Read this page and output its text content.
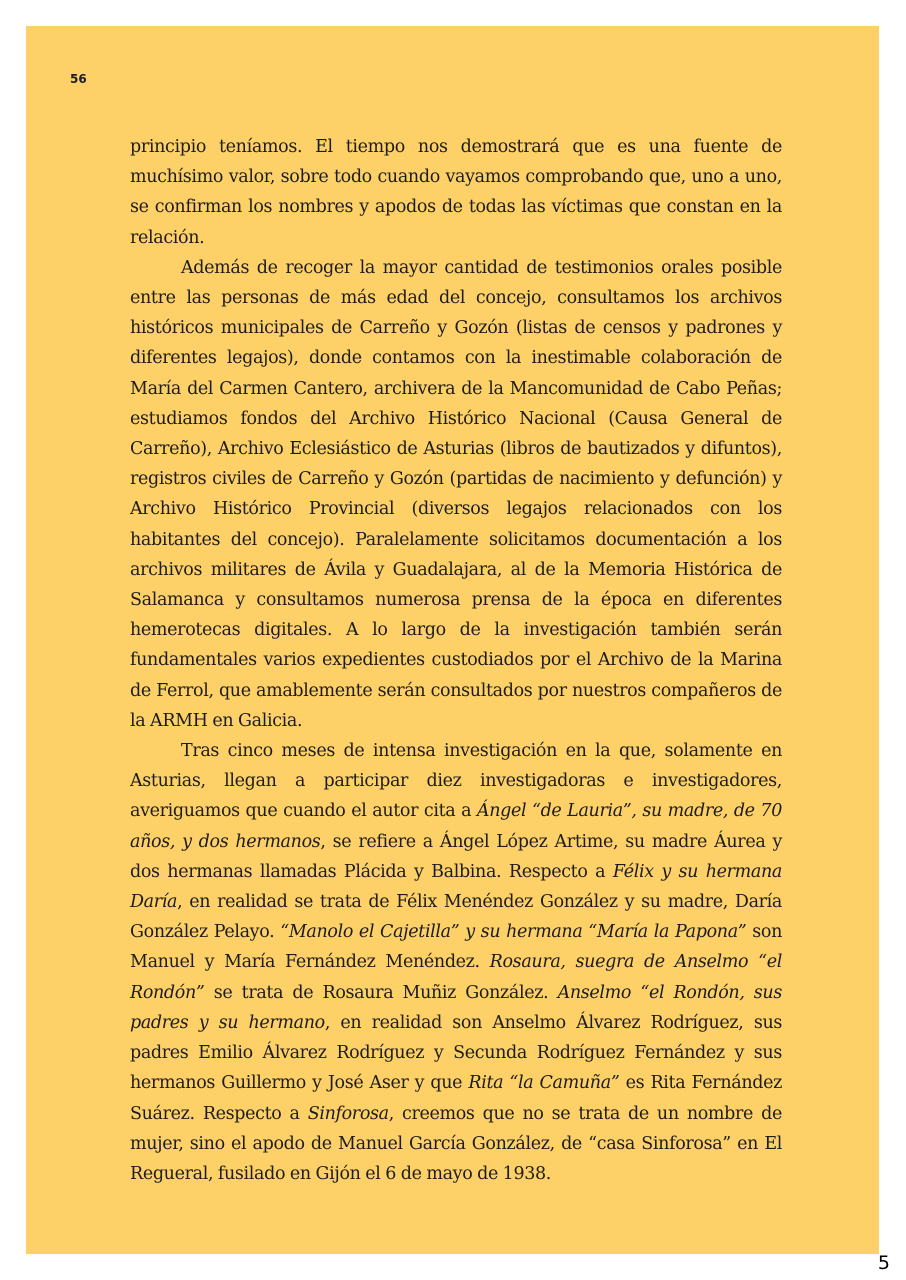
56

principio teníamos. El tiempo nos demostrará que es una fuente de muchísimo valor, sobre todo cuando vayamos comprobando que, uno a uno, se confirman los nombres y apodos de todas las víctimas que constan en la relación.

Además de recoger la mayor cantidad de testimonios orales posible entre las personas de más edad del concejo, consultamos los archivos históricos municipales de Carreño y Gozón (listas de censos y padrones y diferentes legajos), donde contamos con la inestimable colaboración de María del Carmen Cantero, archivera de la Mancomunidad de Cabo Peñas; estudiamos fondos del Archivo Histórico Nacional (Causa General de Carreño), Archivo Eclesiástico de Asturias (libros de bautizados y difuntos), registros civiles de Carreño y Gozón (partidas de nacimiento y defunción) y Archivo Histórico Provincial (diversos legajos relacionados con los habitantes del concejo). Paralelamente solicitamos documentación a los archivos militares de Ávila y Guadalajara, al de la Memoria Histórica de Salamanca y consultamos numerosa prensa de la época en diferentes hemerotecas digitales. A lo largo de la investigación también serán fundamentales varios expedientes custodiados por el Archivo de la Marina de Ferrol, que amablemente serán consultados por nuestros compañeros de la ARMH en Galicia.

Tras cinco meses de intensa investigación en la que, solamente en Asturias, llegan a participar diez investigadoras e investigadores, averiguamos que cuando el autor cita a Ángel “de Lauria”, su madre, de 70 años, y dos hermanos, se refiere a Ángel López Artime, su madre Áurea y dos hermanas llamadas Plácida y Balbina. Respecto a Félix y su hermana Daría, en realidad se trata de Félix Menéndez González y su madre, Daría González Pelayo. “Manolo el Cajetilla” y su hermana “María la Papona” son Manuel y María Fernández Menéndez. Rosaura, suegra de Anselmo “el Rondón” se trata de Rosaura Muñiz González. Anselmo “el Rondón, sus padres y su hermano, en realidad son Anselmo Álvarez Rodríguez, sus padres Emilio Álvarez Rodríguez y Secunda Rodríguez Fernández y sus hermanos Guillermo y José Aser y que Rita “la Camuña” es Rita Fernández Suárez. Respecto a Sinforosa, creemos que no se trata de un nombre de mujer, sino el apodo de Manuel García González, de “casa Sinforosa” en El Regueral, fusilado en Gijón el 6 de mayo de 1938.

5
